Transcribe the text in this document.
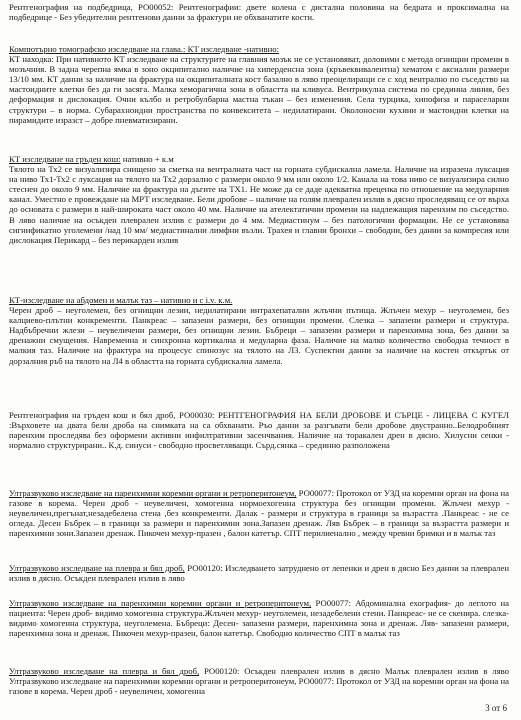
Рентгенография на подбедрица, РО00052: Рентгенографии: двете колена с дистална половина на бедрата и проксимална на подбедрице - Без убедителни рентгенови данни за фрактури не обхванатите кости.

Компютърно томографско изследване на глава.: КТ изследване -нативно:
КТ находка: При нативното КТ изследване на структурите на главния мозък не се установяват, доловими с метода огнищни промени в мозъчния. В задна черепна ямка в зоно окципитално наличие на хиперденсна зона (кръвеквивалентна) хематом с аксиални размери 13/10 мм. КТ данни за наличие на фрактура на окципиталната кост базално в ляво преоцелиращи се с ход вентрално по съседство на мастоидните клетки без да ги засяга. Малка хеморагична зона в областта на кливуса. Вентрикулна система по срединна линия, без деформация и дислокация. Очни кълбо и ретробулбарна мастна тъкан – без изменения. Села турцика, хипофиза и параселарни структури – в норма. Субарахноидни пространства по конвекситета – недилатирани. Околоносни кухини и мастоидни клетки на пирамидите изразст – добре пневматизирани.

КТ изследване на гръден кош: нативно + к.м
Тялото на Тх2 се визуализира снищено за сметка на вентралната част на горната субдискална ламела. Наличие на изразена луксация на ниво Тх1-Тх2 с луксация на тялото на Тх2 дорзално с размери около 9 мм или около 1/2. Канала на това ниво се визуализира силно стеснен до около 9 мм. Наличие на фрактура на дъгите на ТХ1. Не може да се даде адекватна преценка по отношение на медуларния канал. Уместно е провеждане на МРТ изследване. Бели дробове – наличие на голям плеврален излив в дясно проследяващ се от върха до основата с размери в най-широката част около 40 мм. Наличие на ателектатични промени на надлежащия паренхим по съседство. В ляво наличие на осъкден плеврален излив с размери до 4 мм. Медиастинум – без патологични формации. Не се установява сигнификатно уголемени /над 10 мм/ медиастинални лимфни възли. Трахея и главни бронхи – свободни, без данни за компресия или дислокация Перикард – без перикарден излив

КТ-изследване на абдомен и малък таз – нативно и с i.v. к.м.
Черен дроб – неуголемен, без огнищни лезии, недилатирани интрахепатални жлъчни пътища. Жлъчен мехур – неуголемен, без калциево-плътни конкременти. Панкреас – запазени размери, без огнищни промени. Слезка – запазени размери и структура. Надбъбречни жлези – неувеличени размери, без огнищни лезии. Бъбреци – запазени размери и паренхимна зона, без данни за дренажни смущения. Навременна и синхронна кортикална и медуларна фаза. Наличие на малко количество свободна течност в малкия таз. Наличие на фрактура на процесус спинозус на тялото на Л3. Суспектни данни за наличие на костен откъртък от дорзалния ръб на тялото на Л4 в областта на горната субдискална ламела.

Рентгенография на гръден кош и бял дроб, РО00030: РЕНТГЕНОГРАФИЯ НА БЕЛИ ДРОБОВЕ И СЪРЦЕ - ЛИЦЕВА С КУГЕЛ :Върховете на двата бели дробa на снимката на са обхванати. Ръо данни за разгъвати бели дробове двустранно..Белодробният паренхим проследява без оформени активни инфилтративни засенчвания. Наличие на торакален дрен в дясно. Хилусни сенки - нормално структурирани.. К.д. синуси - свободно просветляващи. Сърд.сянка – срединно разположена

Ултразвуково изследване на паренхимни коремни органи и ретроперитонеум, РО00077: Протокол от УЗД на коремни орган на фона на газове в корема. Черен дроб - неувеличен, хомогенна нормоехогенна структура без огнищни промени. Жлъчен мехур - неувеличен,прегънат,незадебелена стена ,без конкременти. Далак - размери и структура в граници за възрастта .Панкреас - не се огледа. Десен Бъбрек – в граници за размери и паренхимни зона.Запазен дренаж. Ляв Бъбрек – в граници за възрастта размери и паренхимни зони.Запазен дренаж. Пикочен мехур-празен , балон катетър. СПТ перилиенално , между чревни бримки и в малък таз

Ултразвуково изследване на плевра и бял дроб, РО00120: Изследването затруднено от лепенки и дрен в дясно Без данни за плеврален излив в дясно. Осъкден плеврален излив в ляво

Ултразвуково изследване на паренхимни коремни органи и ретроперитонеум, РО00077: Абдоминална ехография- до леглото на пациента: Черен дроб- видимо хомогенна структура.Жлъчен мехур- неуголемен, незадебелени стени. Панкреас- не се скенира. слезка- видимо хомогенна структура, неуголемена. Бъбреци: Десен- запазени размери, паренхимна зона и дренаж. Ляв- запазени размери, паренхимна зона и дренаж. Пикочен мехур-празен, балон катетър. Свободно количество СПТ в малък таз

Ултразвуково изследване на плевра и бял дроб, РО00120: Осъкден плеврален излив в дясно Малък плеврален излив в ляво Ултразвуково изследване на паренхимни коремни органи и ретроперитонеум, РО00077: Протокол от УЗД на коремни орган на фона на газове в корема. Черен дроб - неувеличен, хомогенна

3 от 6
